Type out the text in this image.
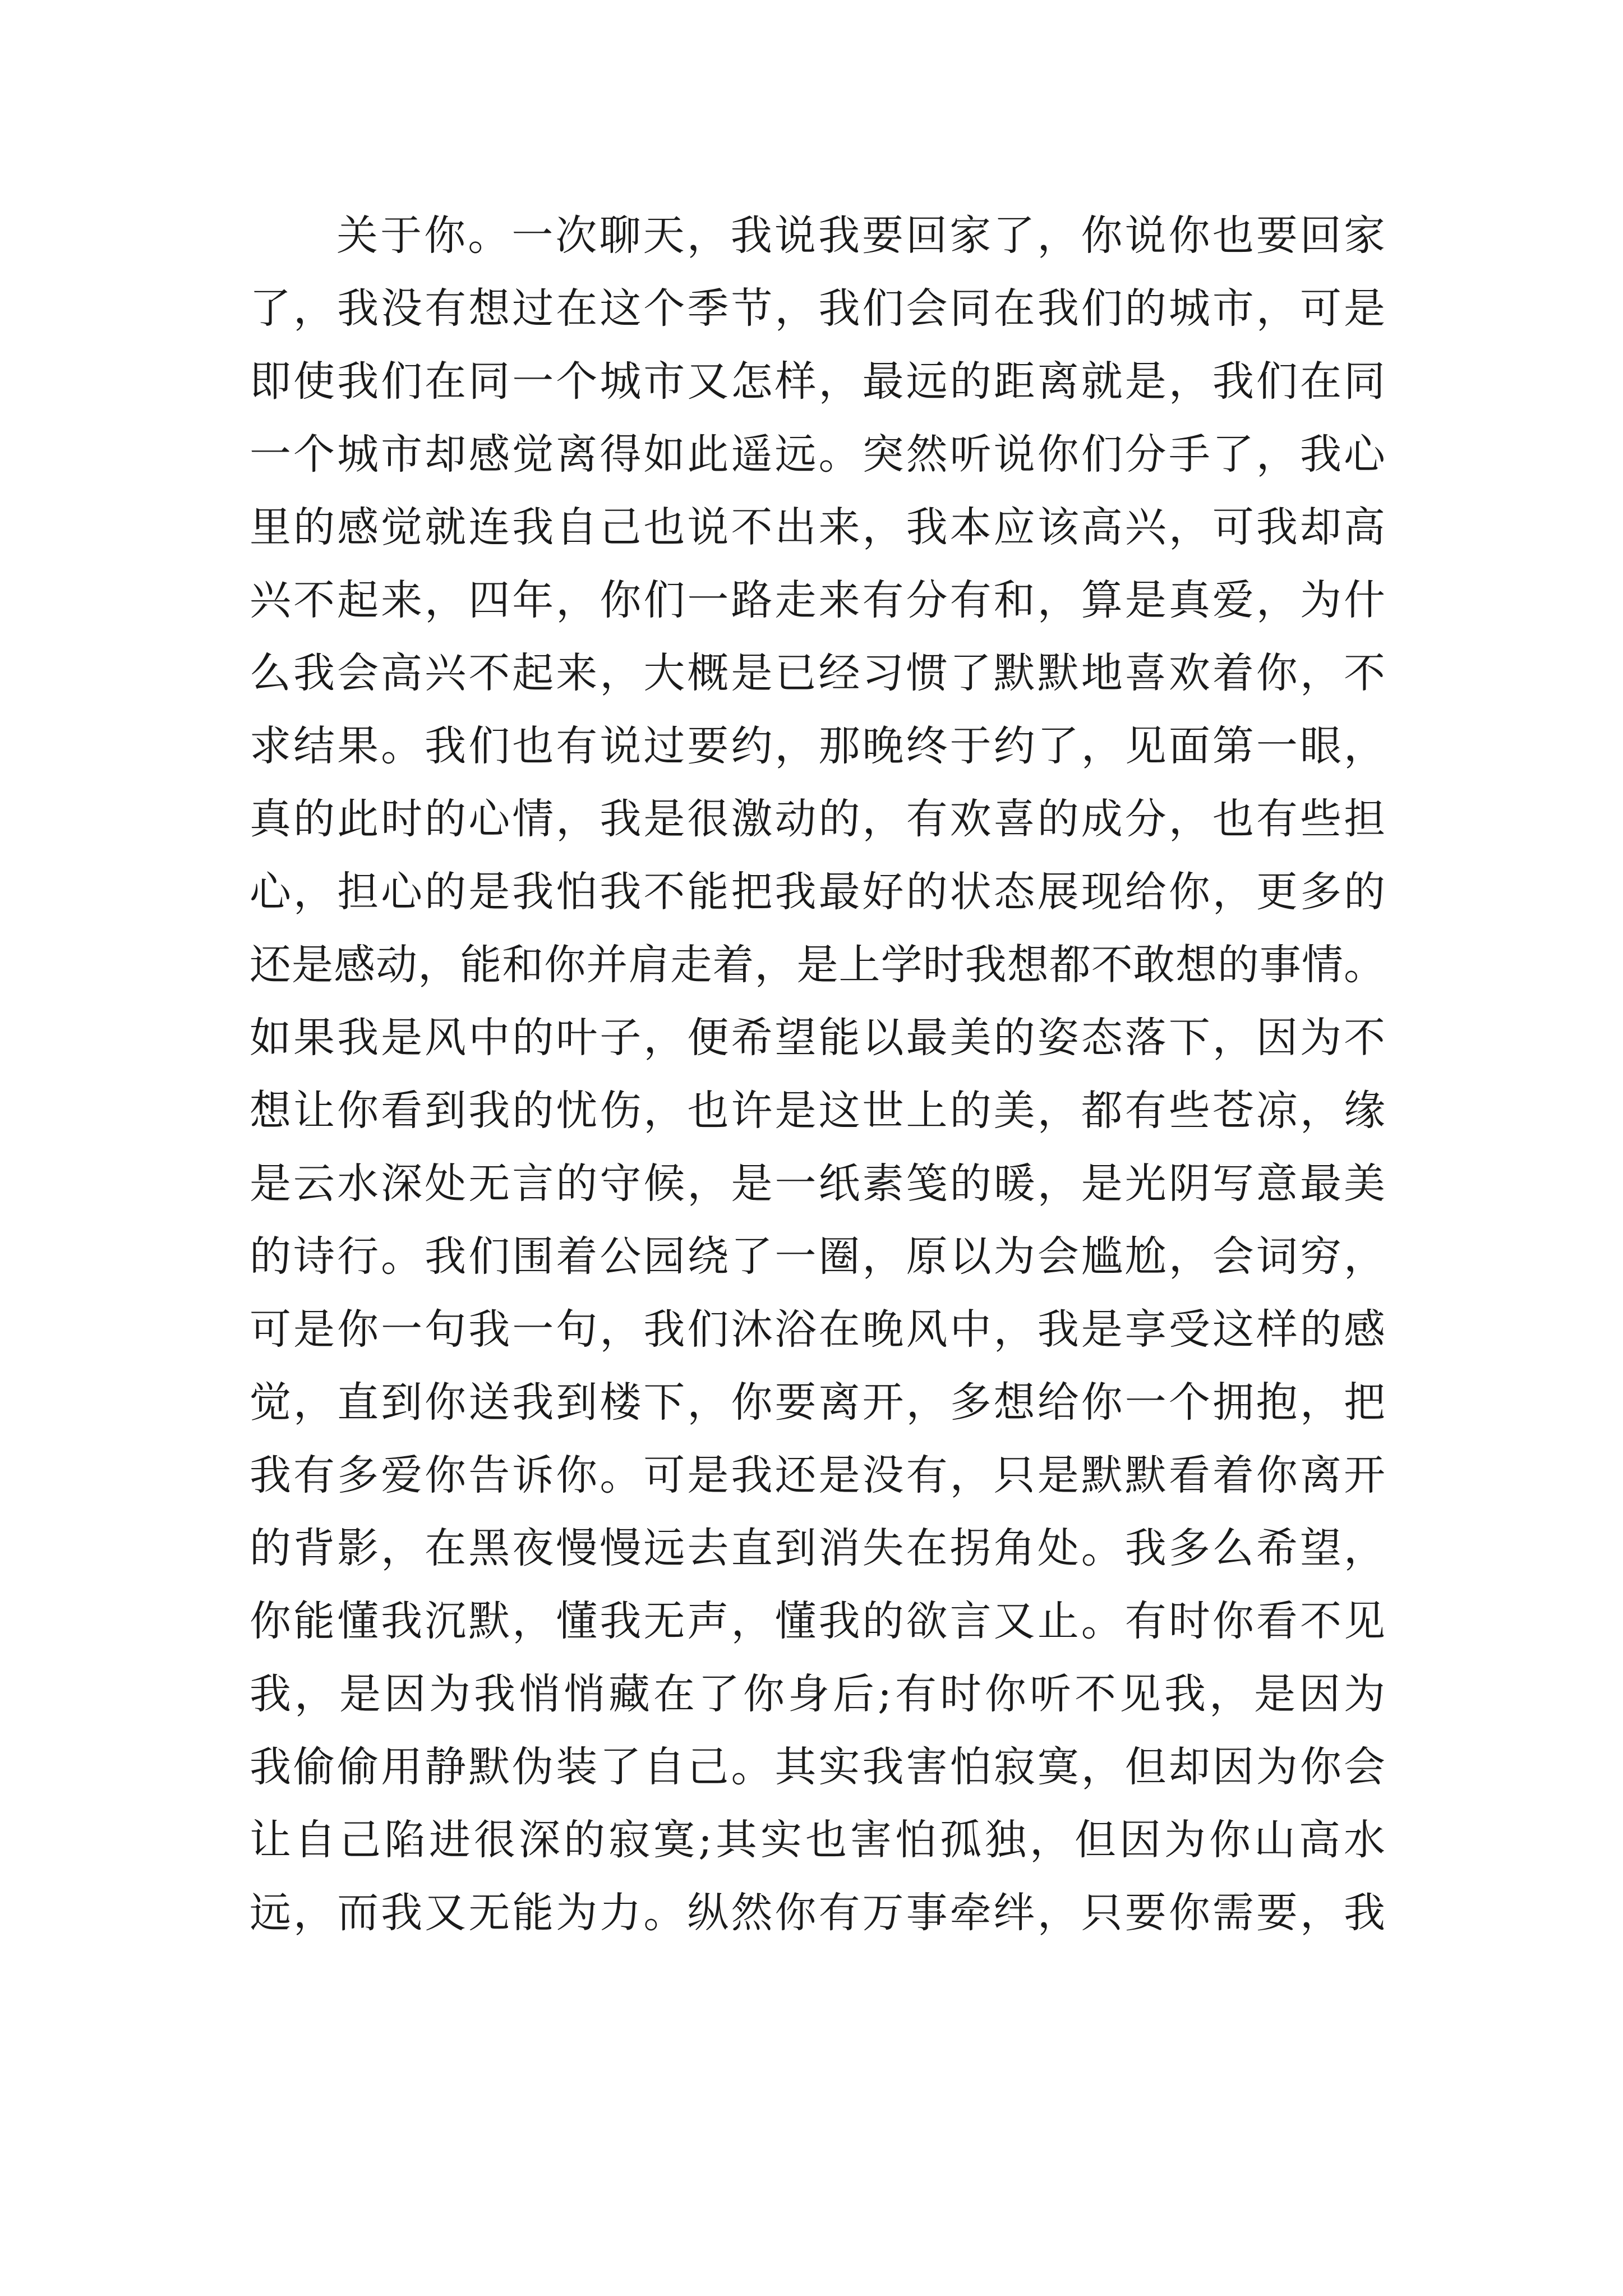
关于你。一次聊天，我说我要回家了，你说你也要回家
了，我没有想过在这个季节，我们会同在我们的城市，可是
即使我们在同一个城市又怎样，最远的距离就是，我们在同
一个城市却感觉离得如此遥远。突然听说你们分手了，我心
里的感觉就连我自己也说不出来，我本应该高兴，可我却高
兴不起来，四年，你们一路走来有分有和，算是真爱，为什
么我会高兴不起来，大概是已经习惯了默默地喜欢着你，不
求结果。我们也有说过要约，那晚终于约了，见面第一眼，
真的此时的心情，我是很激动的，有欢喜的成分，也有些担
心，担心的是我怕我不能把我最好的状态展现给你，更多的
还是感动，能和你并肩走着，是上学时我想都不敢想的事情。
如果我是风中的叶子，便希望能以最美的姿态落下，因为不
想让你看到我的忧伤，也许是这世上的美，都有些苍凉，缘
是云水深处无言的守候，是一纸素笺的暖，是光阴写意最美
的诗行。我们围着公园绕了一圈，原以为会尴尬，会词穷，
可是你一句我一句，我们沐浴在晚风中，我是享受这样的感
觉，直到你送我到楼下，你要离开，多想给你一个拥抱，把
我有多爱你告诉你。可是我还是没有，只是默默看着你离开
的背影，在黑夜慢慢远去直到消失在拐角处。我多么希望，
你能懂我沉默，懂我无声，懂我的欲言又止。有时你看不见
我，是因为我悄悄藏在了你身后;有时你听不见我，是因为
我偷偷用静默伪装了自己。其实我害怕寂寞，但却因为你会
让自己陷进很深的寂寞;其实也害怕孤独，但因为你山高水
远，而我又无能为力。纵然你有万事牵绊，只要你需要，我
